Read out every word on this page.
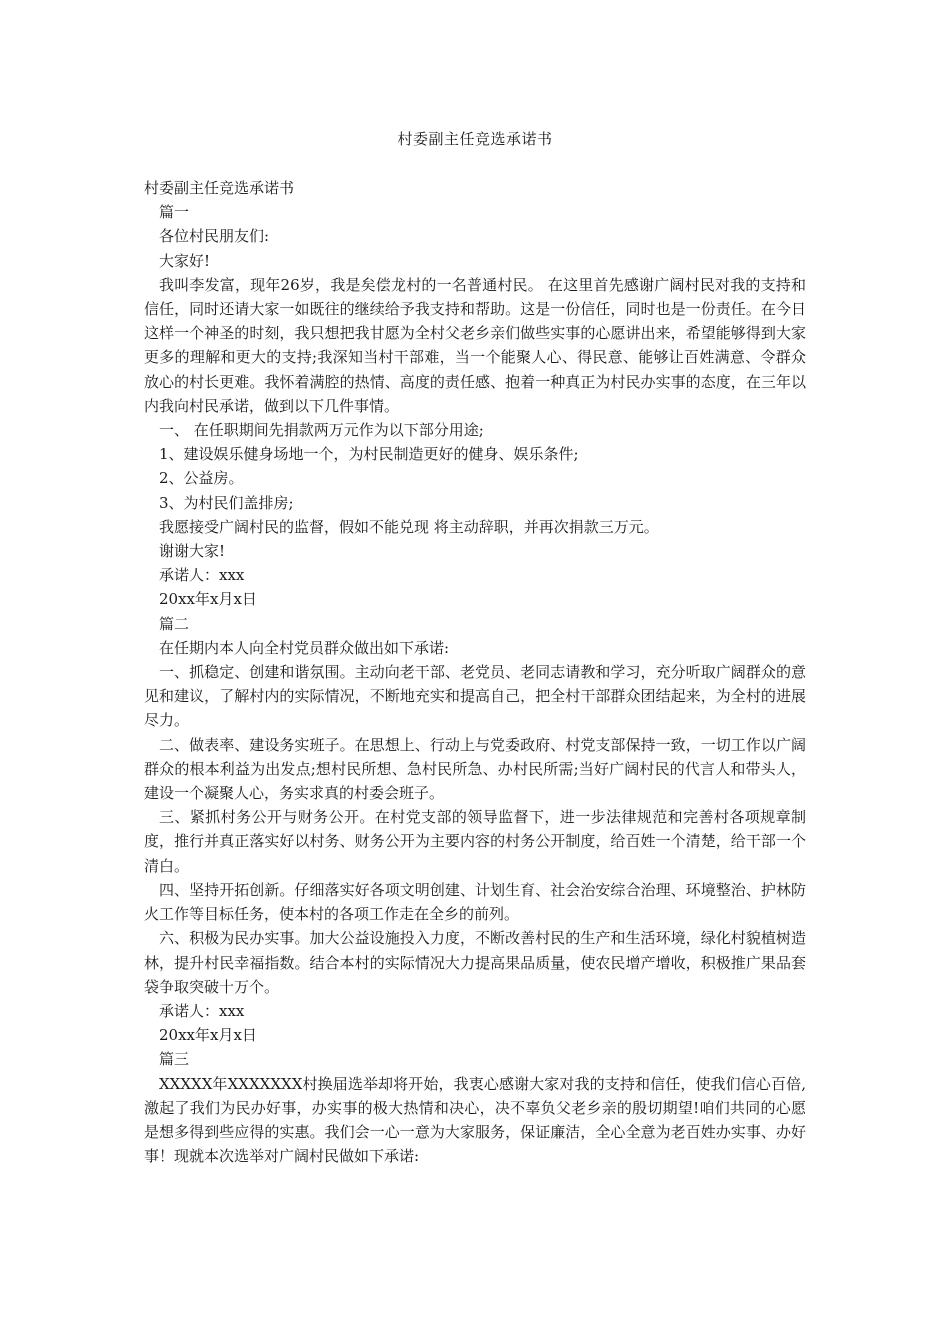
村委副主任竞选承诺书

村委副主任竞选承诺书

篇一

各位村民朋友们:

大家好!

我叫李发富，现年26岁，我是矣偿龙村的一名普通村民。 在这里首先感谢广阔村民对我的支持和信任，同时还请大家一如既往的继续给予我支持和帮助。这是一份信任，同时也是一份责任。在今日这样一个神圣的时刻，我只想把我甘愿为全村父老乡亲们做些实事的心愿讲出来，希望能够得到大家更多的理解和更大的支持;我深知当村干部难，当一个能聚人心、得民意、能够让百姓满意、令群众放心的村长更难。我怀着满腔的热情、高度的责任感、抱着一种真正为村民办实事的态度，在三年以内我向村民承诺，做到以下几件事情。

一、 在任职期间先捐款两万元作为以下部分用途;

1、建设娱乐健身场地一个，为村民制造更好的健身、娱乐条件;

2、公益房。

3、为村民们盖排房;

我愿接受广阔村民的监督，假如不能兑现 将主动辞职，并再次捐款三万元。

谢谢大家!

承诺人：xxx

20xx年x月x日

篇二

在任期内本人向全村党员群众做出如下承诺:

一、抓稳定、创建和谐氛围。主动向老干部、老党员、老同志请教和学习，充分听取广阔群众的意见和建议，了解村内的实际情况，不断地充实和提高自己，把全村干部群众团结起来，为全村的进展尽力。

二、做表率、建设务实班子。在思想上、行动上与党委政府、村党支部保持一致，一切工作以广阔群众的根本利益为出发点;想村民所想、急村民所急、办村民所需;当好广阔村民的代言人和带头人，建设一个凝聚人心，务实求真的村委会班子。

三、紧抓村务公开与财务公开。在村党支部的领导监督下，进一步法律规范和完善村各项规章制度，推行并真正落实好以村务、财务公开为主要内容的村务公开制度，给百姓一个清楚，给干部一个清白。

四、坚持开拓创新。仔细落实好各项文明创建、计划生育、社会治安综合治理、环境整治、护林防火工作等目标任务，使本村的各项工作走在全乡的前列。

六、积极为民办实事。加大公益设施投入力度，不断改善村民的生产和生活环境，绿化村貌植树造林，提升村民幸福指数。结合本村的实际情况大力提高果品质量，使农民增产增收，积极推广果品套袋争取突破十万个。

承诺人：xxx

20xx年x月x日

篇三

XXXXX年XXXXXXX村换届选举却将开始，我衷心感谢大家对我的支持和信任，使我们信心百倍,激起了我们为民办好事，办实事的极大热情和决心，决不辜负父老乡亲的殷切期望!咱们共同的心愿是想多得到些应得的实惠。我们会一心一意为大家服务，保证廉洁，全心全意为老百姓办实事、办好事！现就本次选举对广阔村民做如下承诺:
